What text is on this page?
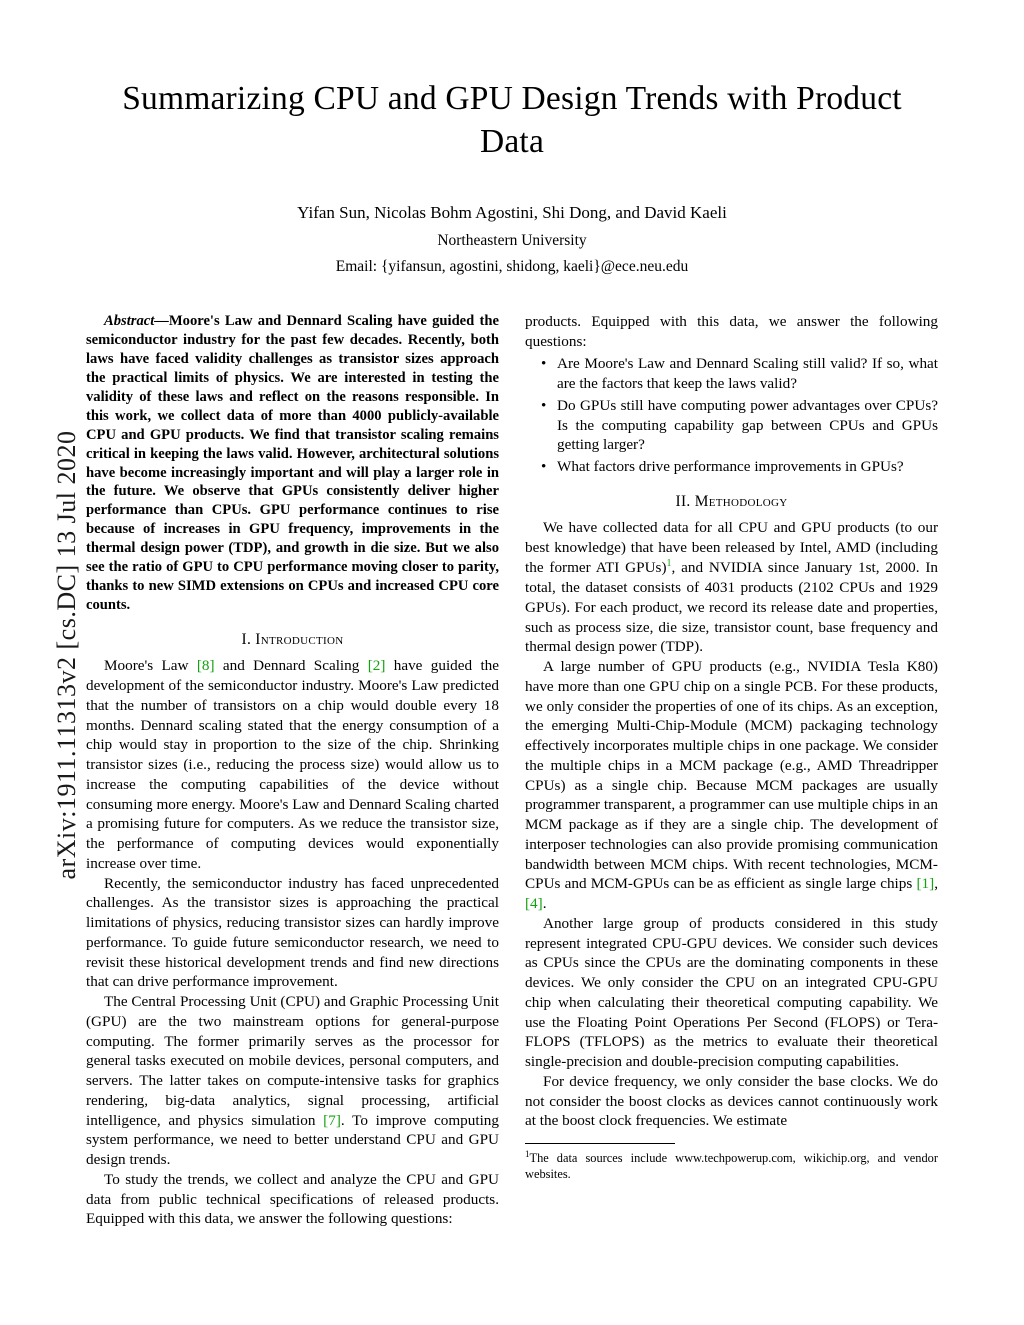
arXiv:1911.11313v2 [cs.DC] 13 Jul 2020
Summarizing CPU and GPU Design Trends with Product Data
Yifan Sun, Nicolas Bohm Agostini, Shi Dong, and David Kaeli
Northeastern University
Email: {yifansun, agostini, shidong, kaeli}@ece.neu.edu
Abstract—Moore's Law and Dennard Scaling have guided the semiconductor industry for the past few decades. Recently, both laws have faced validity challenges as transistor sizes approach the practical limits of physics. We are interested in testing the validity of these laws and reflect on the reasons responsible. In this work, we collect data of more than 4000 publicly-available CPU and GPU products. We find that transistor scaling remains critical in keeping the laws valid. However, architectural solutions have become increasingly important and will play a larger role in the future. We observe that GPUs consistently deliver higher performance than CPUs. GPU performance continues to rise because of increases in GPU frequency, improvements in the thermal design power (TDP), and growth in die size. But we also see the ratio of GPU to CPU performance moving closer to parity, thanks to new SIMD extensions on CPUs and increased CPU core counts.
I. Introduction

Moore's Law [8] and Dennard Scaling [2] have guided the development of the semiconductor industry. Moore's Law predicted that the number of transistors on a chip would double every 18 months. Dennard scaling stated that the energy consumption of a chip would stay in proportion to the size of the chip. Shrinking transistor sizes (i.e., reducing the process size) would allow us to increase the computing capabilities of the device without consuming more energy. Moore's Law and Dennard Scaling charted a promising future for computers. As we reduce the transistor size, the performance of computing devices would exponentially increase over time.

Recently, the semiconductor industry has faced unprecedented challenges. As the transistor sizes is approaching the practical limitations of physics, reducing transistor sizes can hardly improve performance. To guide future semiconductor research, we need to revisit these historical development trends and find new directions that can drive performance improvement.

The Central Processing Unit (CPU) and Graphic Processing Unit (GPU) are the two mainstream options for general-purpose computing. The former primarily serves as the processor for general tasks executed on mobile devices, personal computers, and servers. The latter takes on compute-intensive tasks for graphics rendering, big-data analytics, signal processing, artificial intelligence, and physics simulation [7]. To improve computing system performance, we need to better understand CPU and GPU design trends.

To study the trends, we collect and analyze the CPU and GPU data from public technical specifications of released products. Equipped with this data, we answer the following questions:

products. Equipped with this data, we answer the following questions:

• Are Moore's Law and Dennard Scaling still valid? If so, what are the factors that keep the laws valid?
• Do GPUs still have computing power advantages over CPUs? Is the computing capability gap between CPUs and GPUs getting larger?
• What factors drive performance improvements in GPUs?
II. Methodology

We have collected data for all CPU and GPU products (to our best knowledge) that have been released by Intel, AMD (including the former ATI GPUs)$^1$, and NVIDIA since January 1st, 2000. In total, the dataset consists of 4031 products (2102 CPUs and 1929 GPUs). For each product, we record its release date and properties, such as process size, die size, transistor count, base frequency and thermal design power (TDP).

A large number of GPU products (e.g., NVIDIA Tesla K80) have more than one GPU chip on a single PCB. For these products, we only consider the properties of one of its chips. As an exception, the emerging Multi-Chip-Module (MCM) packaging technology effectively incorporates multiple chips in one package. We consider the multiple chips in a MCM package (e.g., AMD Threadripper CPUs) as a single chip. Because MCM packages are usually programmer transparent, a programmer can use multiple chips in an MCM package as if they are a single chip. The development of interposer technologies can also provide promising communication bandwidth between MCM chips. With recent technologies, MCM-CPUs and MCM-GPUs can be as efficient as single large chips [1], [4].

Another large group of products considered in this study represent integrated CPU-GPU devices. We consider such devices as CPUs since the CPUs are the dominating components in these devices. We only consider the CPU on an integrated CPU-GPU chip when calculating their theoretical computing capability. We use the Floating Point Operations Per Second (FLOPS) or Tera-FLOPS (TFLOPS) as the metrics to evaluate their theoretical single-precision and double-precision computing capabilities.

For device frequency, we only consider the base clocks. We do not consider the boost clocks as devices cannot continuously work at the boost clock frequencies. We estimate

$^1$The data sources include www.techpowerup.com, wikichip.org, and vendor websites.
